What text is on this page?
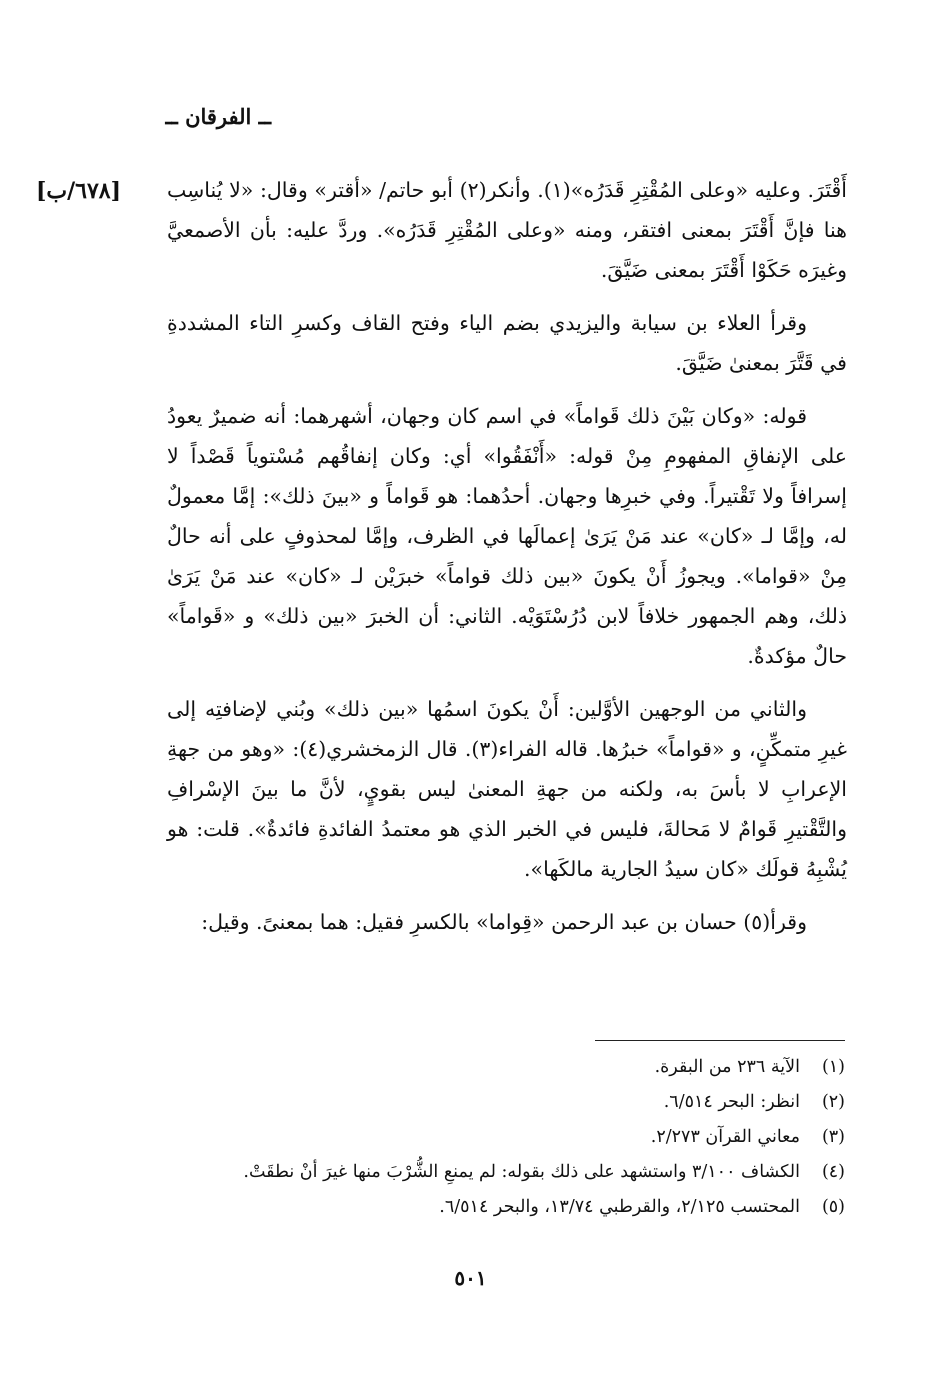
ــ الفرقان ــ
[٦٧٨/ب]	أَقْتَرَ. وعليه «وعلى المُقْتِرِ قَدَرُه»(١). وأنكر(٢) أبو حاتم/ «أقتر» وقال: «لا يُناسِب هنا فإنَّ أَقْتَرَ بمعنى افتقر، ومنه «وعلى المُقْتِرِ قَدَرُه». وردَّ عليه: بأن الأصمعيَّ وغيرَه حَكَوْا أَقْتَرَ بمعنى ضَيَّقَ.

وقرأ العلاء بن سيابة واليزيدي بضم الياء وفتح القاف وكسرِ التاء المشددةِ في قَتَّرَ بمعنىٰ ضَيَّقَ.

قوله: «وكان بَيْنَ ذلك قَواماً» في اسم كان وجهان، أشهرهما: أنه ضميرٌ يعودُ على الإنفاقِ المفهومِ مِنْ قوله: «أَنْفَقُوا» أي: وكان إنفاقُهم مُسْتوياً قَصْداً لا إسرافاً ولا تَقْتيراً. وفي خبرِها وجهان. أحدُهما: هو قَواماً و «بينَ ذلك»: إمَّا معمولٌ له، وإمَّا لـ «كان» عند مَنْ يَرَىٰ إعمالَها في الظرف، وإمَّا لمحذوفٍ على أنه حالٌ مِنْ «قواما». ويجوزُ أَنْ يكونَ «بين ذلك قواماً» خبرَيْن لـ «كان» عند مَنْ يَرَىٰ ذلك، وهم الجمهور خلافاً لابن دُرُسْتَوَيْه. الثاني: أن الخبرَ «بين ذلك» و «قَواماً» حالٌ مؤكدةٌ.

والثاني من الوجهين الأوَّلين: أَنْ يكونَ اسمُها «بين ذلك» وبُني لإضافتِه إلى غيرِ متمكِّنٍ، و «قواماً» خبرُها. قاله الفراء(٣). قال الزمخشري(٤): «وهو من جهةِ الإعرابِ لا بأسَ به، ولكنه من جهةِ المعنىٰ ليس بقويٍ، لأنَّ ما بينَ الإسْرافِ والتَّقْتيرِ قَوامٌ لا مَحالةَ، فليس في الخبر الذي هو معتمدُ الفائدةِ فائدةٌ». قلت: هو يُشْبِهُ قولَك «كان سيدُ الجارية مالكَها».

وقرأ(٥) حسان بن عبد الرحمن «قِواما» بالكسرِ فقيل: هما بمعنىً. وقيل:

(١)
الآية ٢٣٦ من البقرة.
(٢)
انظر: البحر ٦/٥١٤.
(٣)
معاني القرآن ٢/٢٧٣.
(٤)
الكشاف ٣/١٠٠ واستشهد على ذلك بقوله: لم يمنعِ الشُّرْبَ منها غيرَ أنْ نطقَتْ.
(٥)
المحتسب ٢/١٢٥، والقرطبي ١٣/٧٤، والبحر ٦/٥١٤.
٥٠١
